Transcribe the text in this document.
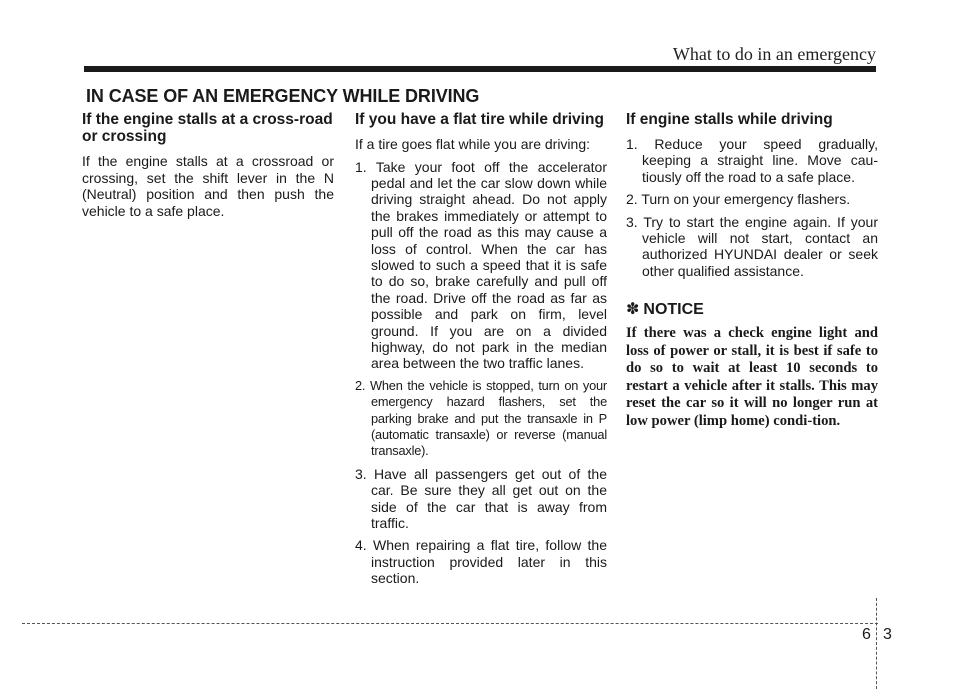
What to do in an emergency
IN CASE OF AN EMERGENCY WHILE DRIVING
If the engine stalls at a cross-road or crossing

If the engine stalls at a crossroad or crossing, set the shift lever in the N (Neutral) position and then push the vehicle to a safe place.

If you have a flat tire while driving

If a tire goes flat while you are driving:

1. Take your foot off the accelerator pedal and let the car slow down while driving straight ahead. Do not apply the brakes immediately or attempt to pull off the road as this may cause a loss of control. When the car has slowed to such a speed that it is safe to do so, brake carefully and pull off the road. Drive off the road as far as possible and park on firm, level ground. If you are on a divided highway, do not park in the median area between the two traffic lanes.
2. When the vehicle is stopped, turn on your emergency hazard flashers, set the parking brake and put the transaxle in P (automatic transaxle) or reverse (manual transaxle).
3. Have all passengers get out of the car. Be sure they all get out on the side of the car that is away from traffic.
4. When repairing a flat tire, follow the instruction provided later in this section.
If engine stalls while driving
1. Reduce your speed gradually, keeping a straight line. Move cau-tiously off the road to a safe place.
2. Turn on your emergency flashers.
3. Try to start the engine again. If your vehicle will not start, contact an authorized HYUNDAI dealer or seek other qualified assistance.
✽ NOTICE

If there was a check engine light and loss of power or stall, it is best if safe to do so to wait at least 10 seconds to restart a vehicle after it stalls. This may reset the car so it will no longer run at low power (limp home) condi-tion.

6 3
